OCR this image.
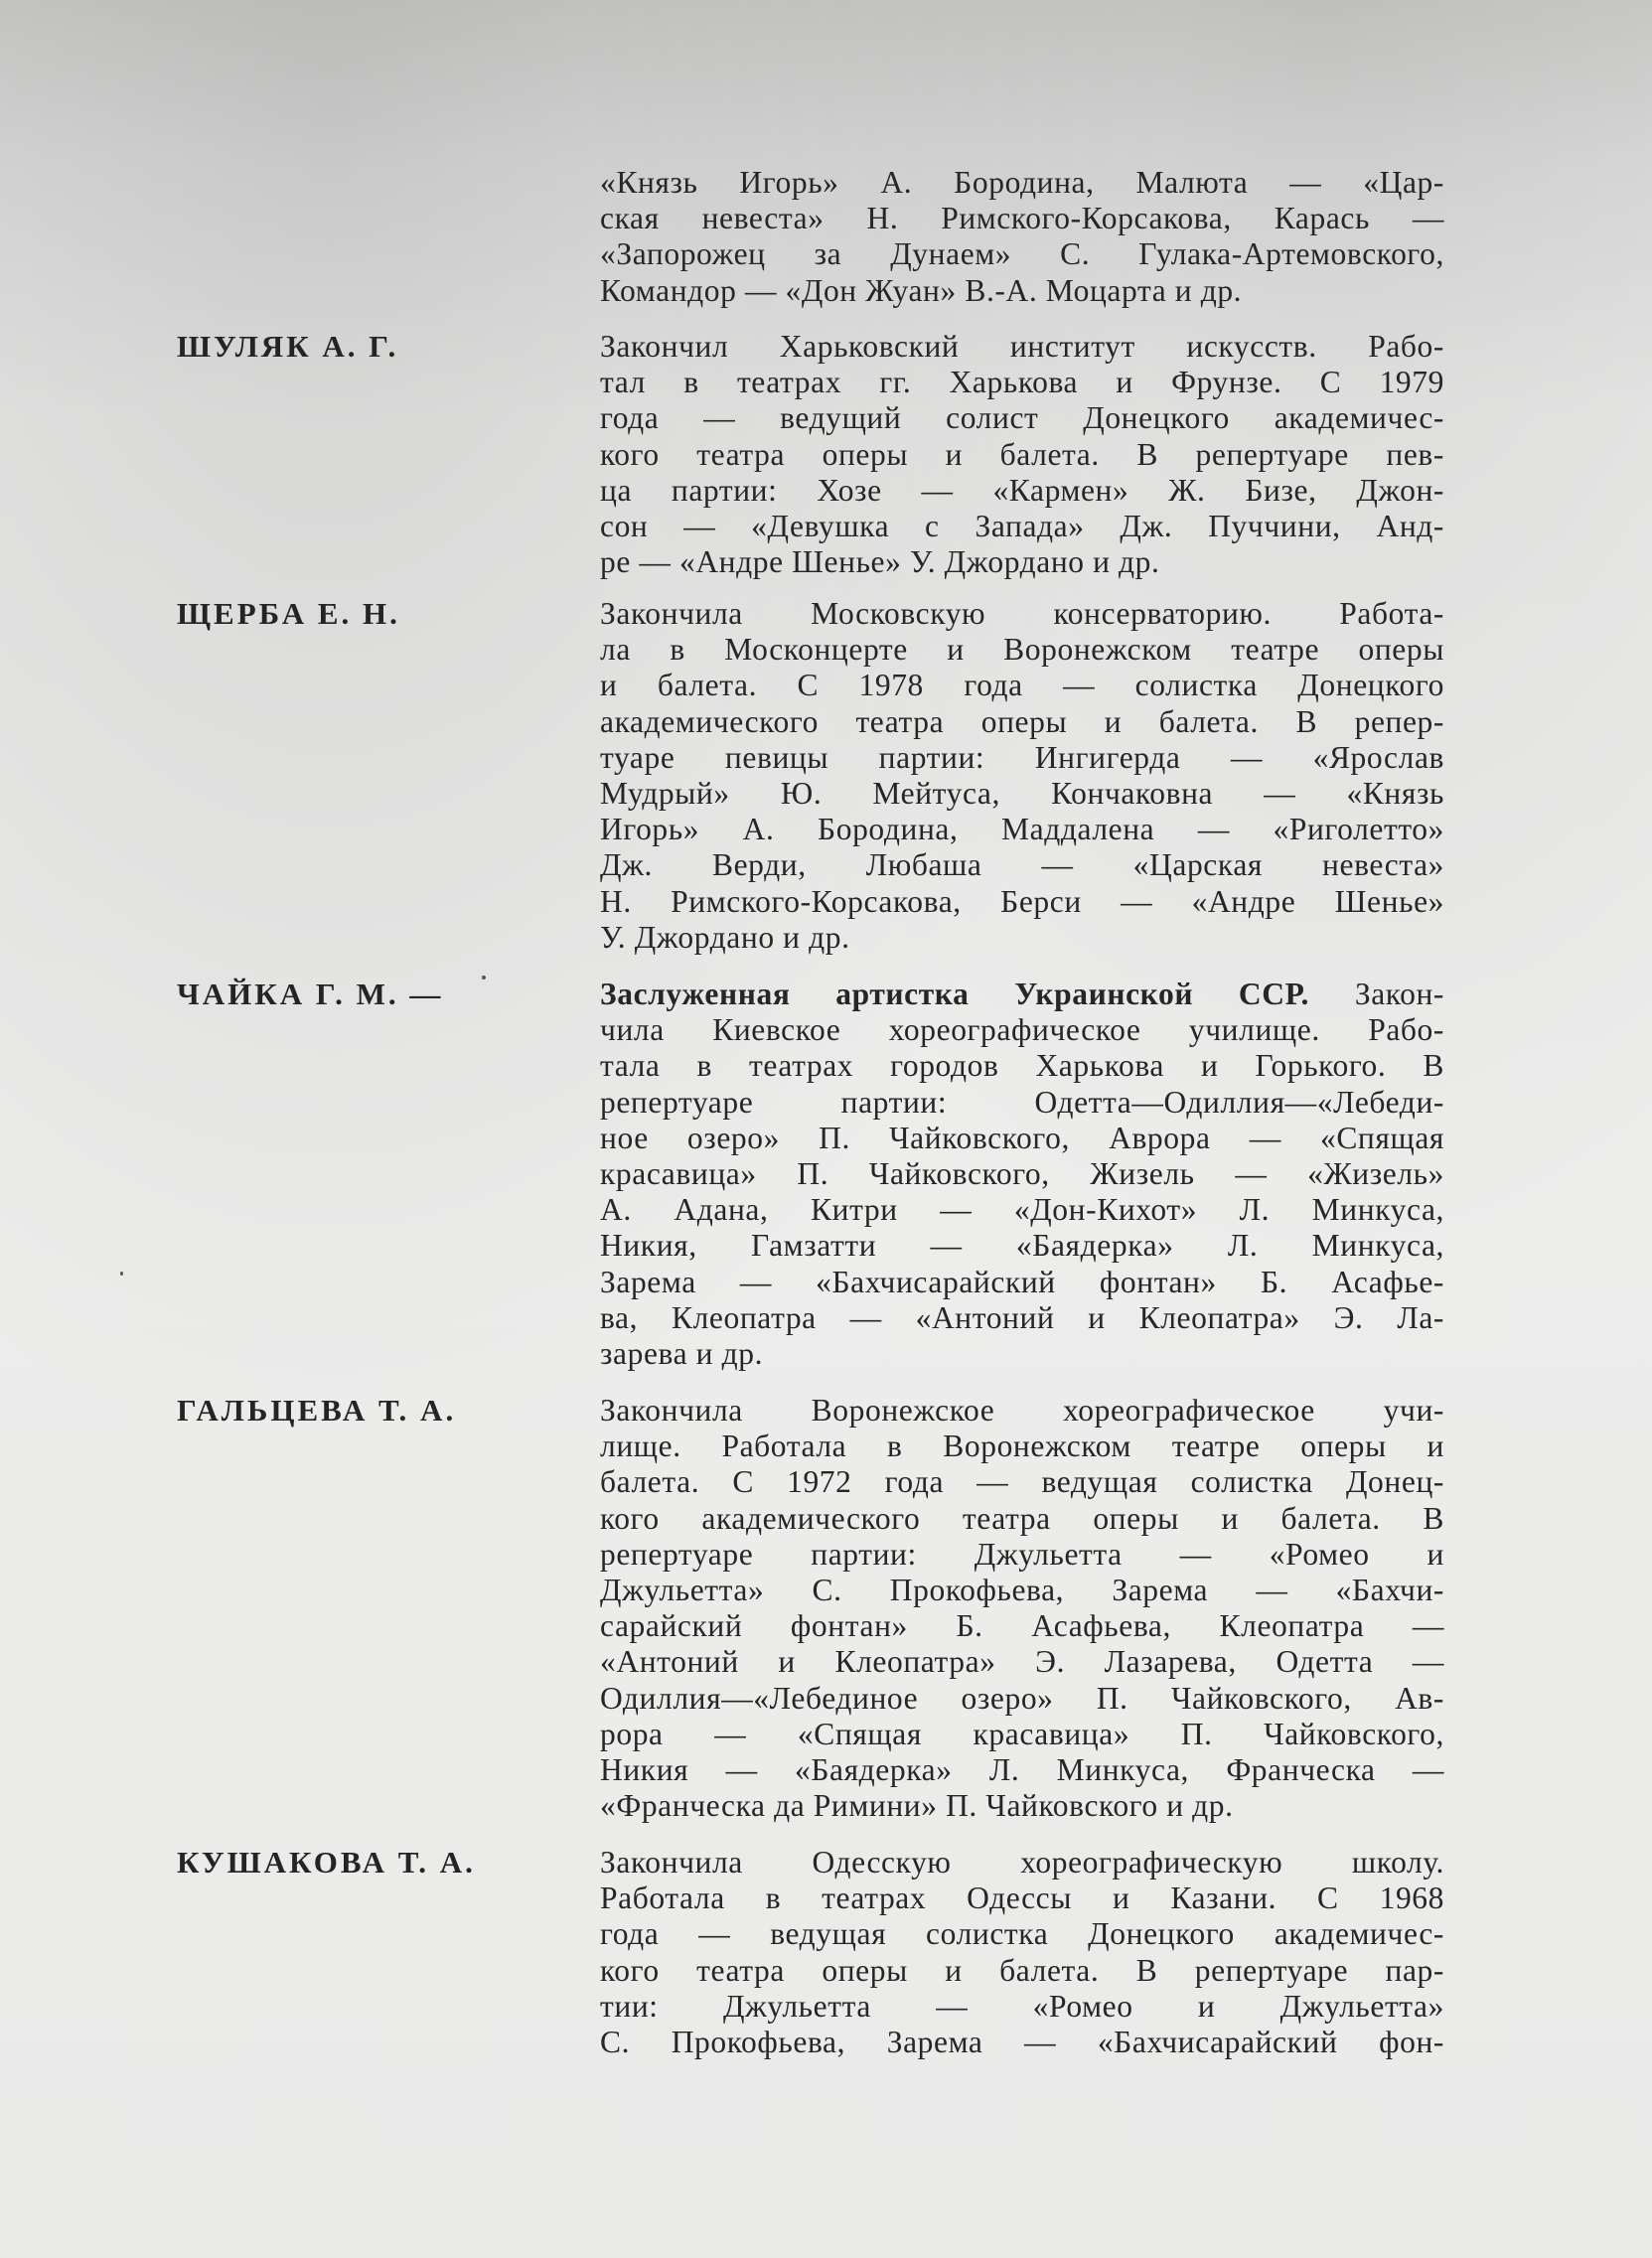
«Князь Игорь» А. Бородина, Малюта — «Цар-
ская невеста» Н. Римского-Корсакова, Карась —
«Запорожец за Дунаем» С. Гулака-Артемовского,
Командор — «Дон Жуан» В.-А. Моцарта и др.
ШУЛЯК А. Г.	Закончил Харьковский институт искусств. Рабо-
тал в театрах гг. Харькова и Фрунзе. С 1979
года — ведущий солист Донецкого академичес-
кого театра оперы и балета. В репертуаре пев-
ца партии: Хозе — «Кармен» Ж. Бизе, Джон-
сон — «Девушка с Запада» Дж. Пуччини, Анд-
ре — «Андре Шенье» У. Джордано и др.
ЩЕРБА Е. Н.	Закончила Московскую консерваторию. Работа-
ла в Москонцерте и Воронежском театре оперы
и балета. С 1978 года — солистка Донецкого
академического театра оперы и балета. В репер-
туаре певицы партии: Ингигерда — «Ярослав
Мудрый» Ю. Мейтуса, Кончаковна — «Князь
Игорь» А. Бородина, Маддалена — «Риголетто»
Дж. Верди, Любаша — «Царская невеста»
Н. Римского-Корсакова, Берси — «Андре Шенье»
У. Джордано и др.
ЧАЙКА Г. М. —	Заслуженная артистка Украинской ССР. Закон-
чила Киевское хореографическое училище. Рабо-
тала в театрах городов Харькова и Горького. В
репертуаре партии: Одетта—Одиллия—«Лебеди-
ное озеро» П. Чайковского, Аврора — «Спящая
красавица» П. Чайковского, Жизель — «Жизель»
А. Адана, Китри — «Дон-Кихот» Л. Минкуса,
Никия, Гамзатти — «Баядерка» Л. Минкуса,
Зарема — «Бахчисарайский фонтан» Б. Асафье-
ва, Клеопатра — «Антоний и Клеопатра» Э. Ла-
зарева и др.
ГАЛЬЦЕВА Т. А.	Закончила Воронежское хореографическое учи-
лище. Работала в Воронежском театре оперы и
балета. С 1972 года — ведущая солистка Донец-
кого академического театра оперы и балета. В
репертуаре партии: Джульетта — «Ромео и
Джульетта» С. Прокофьева, Зарема — «Бахчи-
сарайский фонтан» Б. Асафьева, Клеопатра —
«Антоний и Клеопатра» Э. Лазарева, Одетта —
Одиллия—«Лебединое озеро» П. Чайковского, Ав-
рора — «Спящая красавица» П. Чайковского,
Никия — «Баядерка» Л. Минкуса, Франческа —
«Франческа да Римини» П. Чайковского и др.
КУШАКОВА Т. А.	Закончила Одесскую хореографическую школу.
Работала в театрах Одессы и Казани. С 1968
года — ведущая солистка Донецкого академичес-
кого театра оперы и балета. В репертуаре пар-
тии: Джульетта — «Ромео и Джульетта»
С. Прокофьева, Зарема — «Бахчисарайский фон-
